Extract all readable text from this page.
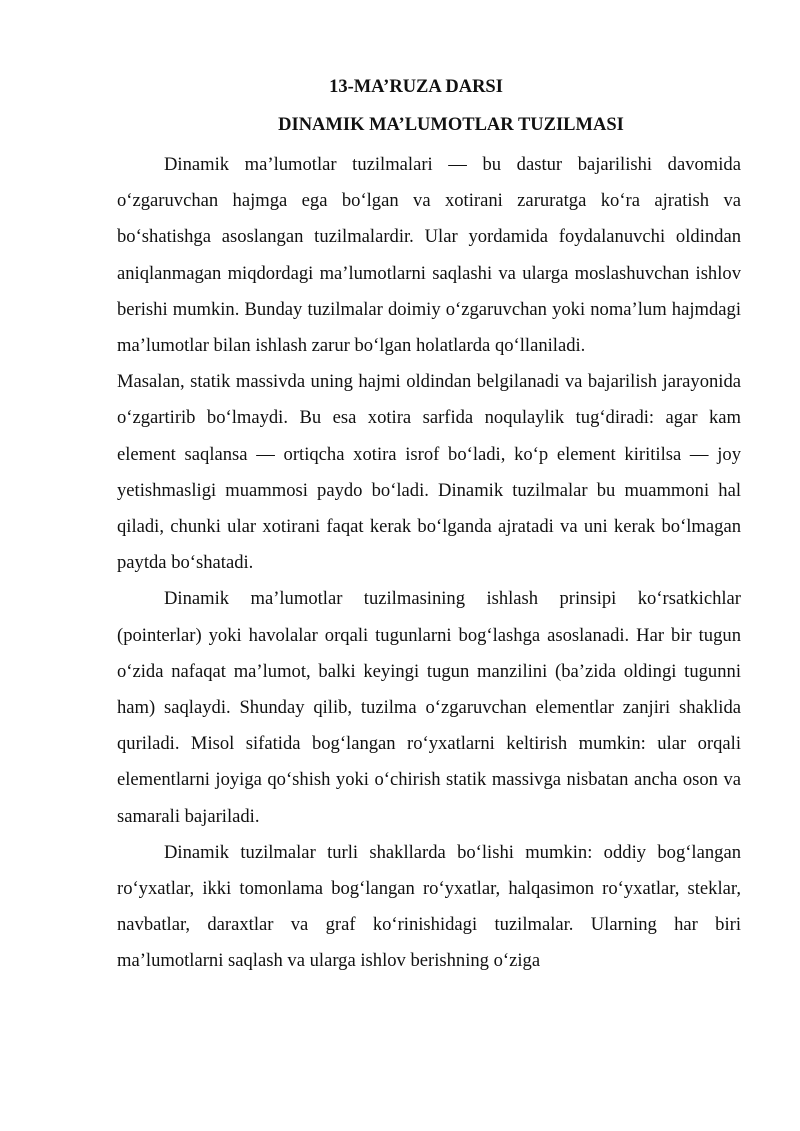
13-MA’RUZA DARSI
DINAMIK MA’LUMOTLAR TUZILMASI

Dinamik ma’lumotlar tuzilmalari — bu dastur bajarilishi davomida o‘zgaruvchan hajmga ega bo‘lgan va xotirani zaruratga ko‘ra ajratish va bo‘shatishga asoslangan tuzilmalardir. Ular yordamida foydalanuvchi oldindan aniqlanmagan miqdordagi ma’lumotlarni saqlashi va ularga moslashuvchan ishlov berishi mumkin. Bunday tuzilmalar doimiy o‘zgaruvchan yoki noma’lum hajmdagi ma’lumotlar bilan ishlash zarur bo‘lgan holatlarda qo‘llaniladi.

Masalan, statik massivda uning hajmi oldindan belgilanadi va bajarilish jarayonida o‘zgartirib bo‘lmaydi. Bu esa xotira sarfida noqulaylik tug‘diradi: agar kam element saqlansa — ortiqcha xotira isrof bo‘ladi, ko‘p element kiritilsa — joy yetishmasligi muammosi paydo bo‘ladi. Dinamik tuzilmalar bu muammoni hal qiladi, chunki ular xotirani faqat kerak bo‘lganda ajratadi va uni kerak bo‘lmagan paytda bo‘shatadi.

Dinamik ma’lumotlar tuzilmasining ishlash prinsipi ko‘rsatkichlar (pointerlar) yoki havolalar orqali tugunlarni bog‘lashga asoslanadi. Har bir tugun o‘zida nafaqat ma’lumot, balki keyingi tugun manzilini (ba’zida oldingi tugunni ham) saqlaydi. Shunday qilib, tuzilma o‘zgaruvchan elementlar zanjiri shaklida quriladi. Misol sifatida bog‘langan ro‘yxatlarni keltirish mumkin: ular orqali elementlarni joyiga qo‘shish yoki o‘chirish statik massivga nisbatan ancha oson va samarali bajariladi.

Dinamik tuzilmalar turli shakllarda bo‘lishi mumkin: oddiy bog‘langan ro‘yxatlar, ikki tomonlama bog‘langan ro‘yxatlar, halqasimon ro‘yxatlar, steklar, navbatlar, daraxtlar va graf ko‘rinishidagi tuzilmalar. Ularning har biri ma’lumotlarni saqlash va ularga ishlov berishning o‘ziga
